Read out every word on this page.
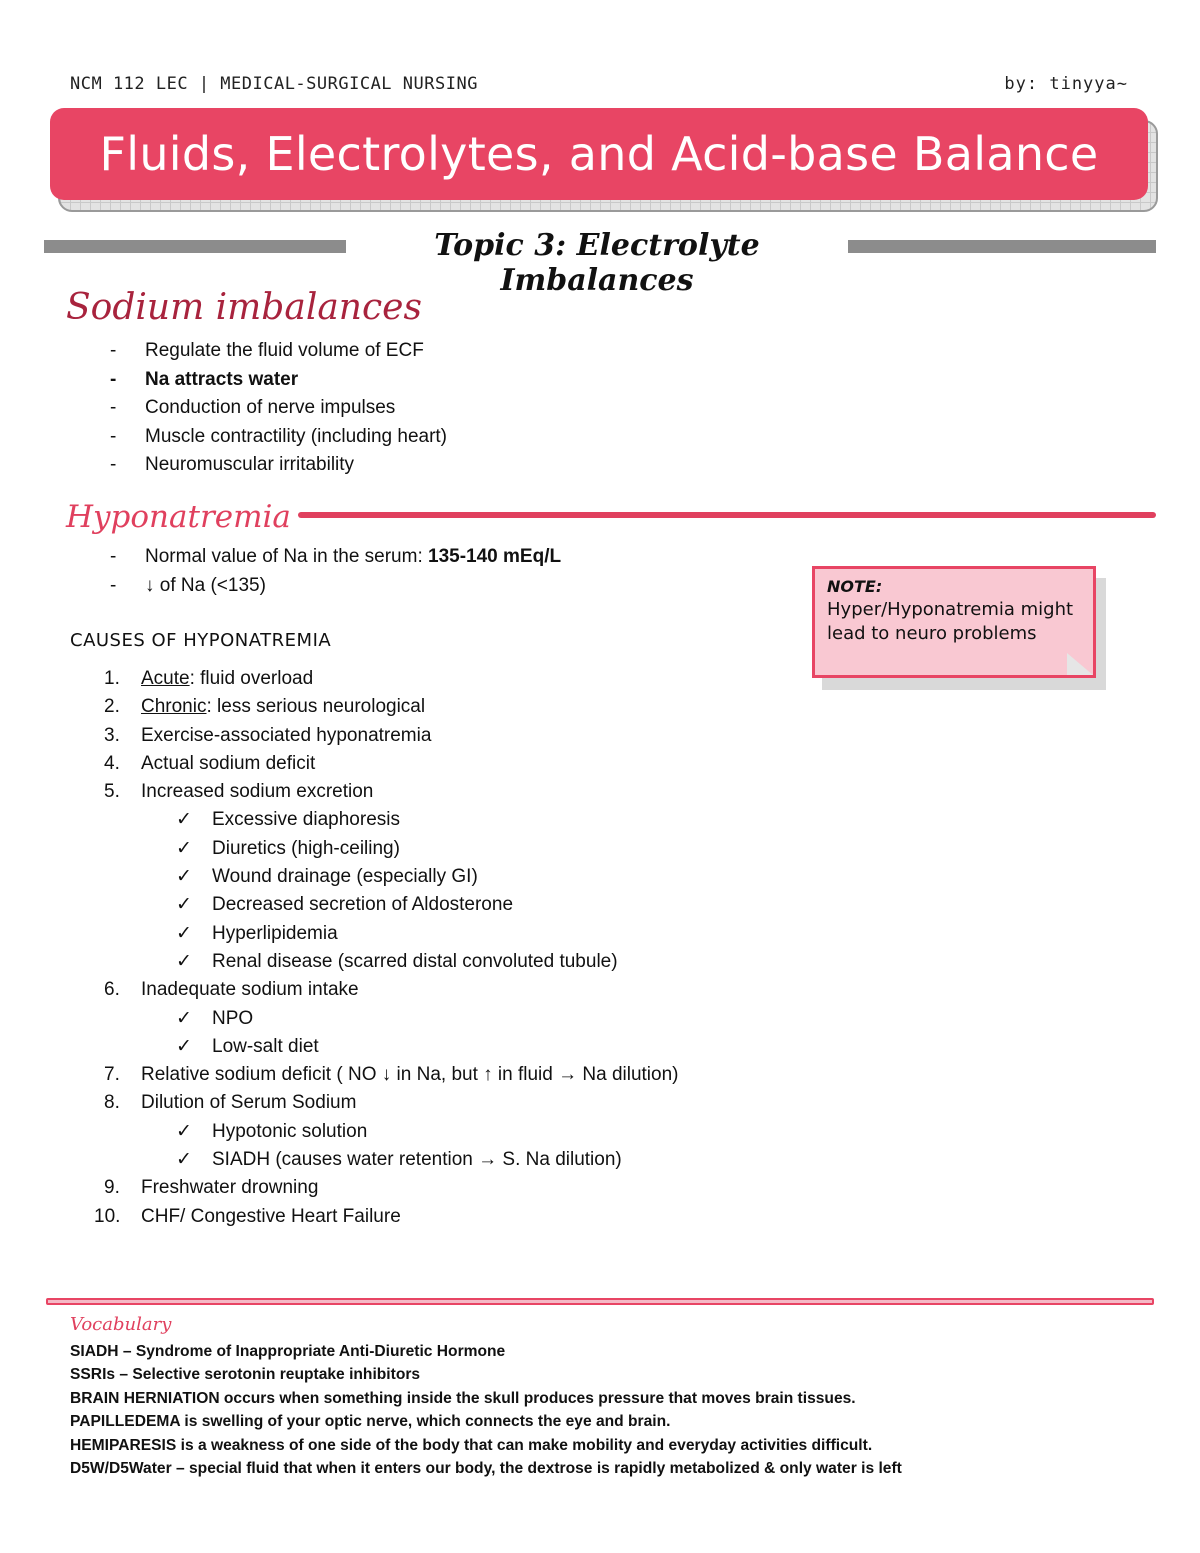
NCM 112 LEC | MEDICAL-SURGICAL NURSING	by: tinyya~
Fluids, Electrolytes, and Acid-base Balance
Topic 3: Electrolyte Imbalances
Sodium imbalances
- Regulate the fluid volume of ECF
- Na attracts water
- Conduction of nerve impulses
- Muscle contractility (including heart)
- Neuromuscular irritability
Hyponatremia
- Normal value of Na in the serum: 135-140 mEq/L
- ↓ of Na (<135)	NOTE:
Hyper/Hyponatremia might lead to neuro problems
CAUSES OF HYPONATREMIA
1.	Acute: fluid overload
2.	Chronic: less serious neurological
3.	Exercise-associated hyponatremia
4.	Actual sodium deficit
5.	Increased sodium excretion
✓	Excessive diaphoresis
✓	Diuretics (high-ceiling)
✓	Wound drainage (especially GI)
✓	Decreased secretion of Aldosterone
✓	Hyperlipidemia
✓	Renal disease (scarred distal convoluted tubule)
6.	Inadequate sodium intake
✓	NPO
✓	Low-salt diet
7.	Relative sodium deficit ( NO ↓ in Na, but ↑ in fluid → Na dilution)
8.	Dilution of Serum Sodium
✓	Hypotonic solution
✓	SIADH (causes water retention → S. Na dilution)
9.	Freshwater drowning
10. CHF/ Congestive Heart Failure
Vocabulary
SIADH – Syndrome of Inappropriate Anti-Diuretic Hormone
SSRIs – Selective serotonin reuptake inhibitors
BRAIN HERNIATION occurs when something inside the skull produces pressure that moves brain tissues.
PAPILLEDEMA is swelling of your optic nerve, which connects the eye and brain.
HEMIPARESIS is a weakness of one side of the body that can make mobility and everyday activities difficult.
D5W/D5Water – special fluid that when it enters our body, the dextrose is rapidly metabolized & only water is left
